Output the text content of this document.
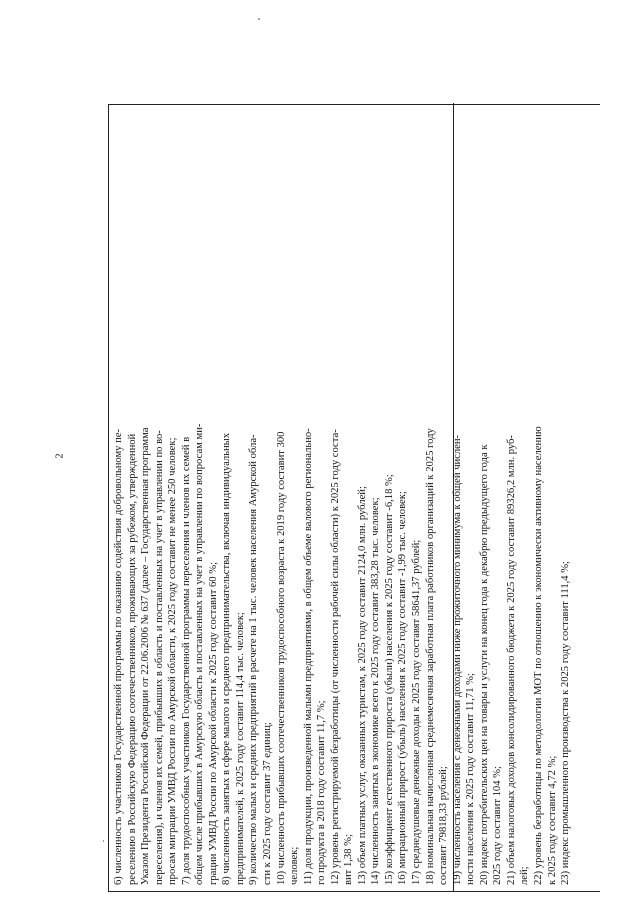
2	6) численность участников Государственной программы по оказанию содействия добровольному пе- реселению в Российскую Федерацию соотечественников, проживающих за рубежом, утвержденной Указом Президента Российской Федерации от 22.06.2006 № 637 (далее – Государственная программа переселения), и членов их семей, прибывших в область и поставленных на учет в управлении по во- просам миграции УМВД России по Амурской области, к 2025 году составит не менее 250 человек; 7) доля трудоспособных участников Государственной программы переселения и членов их семей в общем числе прибывших в Амурскую область и поставленных на учет в управлении по вопросам ми- грации УМВД России по Амурской области к 2025 году составит 60 %; 8) численность занятых в сфере малого и среднего предпринимательства, включая индивидуальных предпринимателей, к 2025 году составит 114,4 тыс. человек; 9) количество малых и средних предприятий в расчете на 1 тыс. человек населения Амурской обла- сти к 2025 году составит 37 единиц; 10) численность прибывших соотечественников трудоспособного возраста к 2019 году составит 300 человек; 11) доля продукции, произведенной малыми предприятиями, в общем объеме валового регионально- го продукта в 2018 году составит 11,7 %; 12) уровень регистрируемой безработицы (от численности рабочей силы области) к 2025 году соста- вит 1,38 %; 13) объем платных услуг, оказанных туристам, к 2025 году составит 2124,0 млн. рублей; 14) численность занятых в экономике всего к 2025 году составит 383,28 тыс. человек; 15) коэффициент естественного прироста (убыли) населения к 2025 году составит -6,18 %; 16) миграционный прирост (убыль) населения к 2025 году составит -1,99 тыс. человек; 17) среднедушевые денежные доходы к 2025 году составят 58641,37 рублей; 18) номинальная начисленная среднемесячная заработная плата работников организаций к 2025 году составит 79818,33 рублей; 19) численность населения с денежными доходами ниже прожиточного минимума к общей числен- ности населения к 2025 году составит 11,71 %; 20) индекс потребительских цен на товары и услуги на конец года к декабрю предыдущего года к 2025 году составит 104 %; 21) объем налоговых доходов консолидированного бюджета к 2025 году составит 89326,2 млн. руб- лей; 22) уровень безработицы по методологии МОТ по отношению к экономически активному населению к 2025 году составит 4,72 %; 23) индекс промышленного производства к 2025 году составит 111,4 %;
